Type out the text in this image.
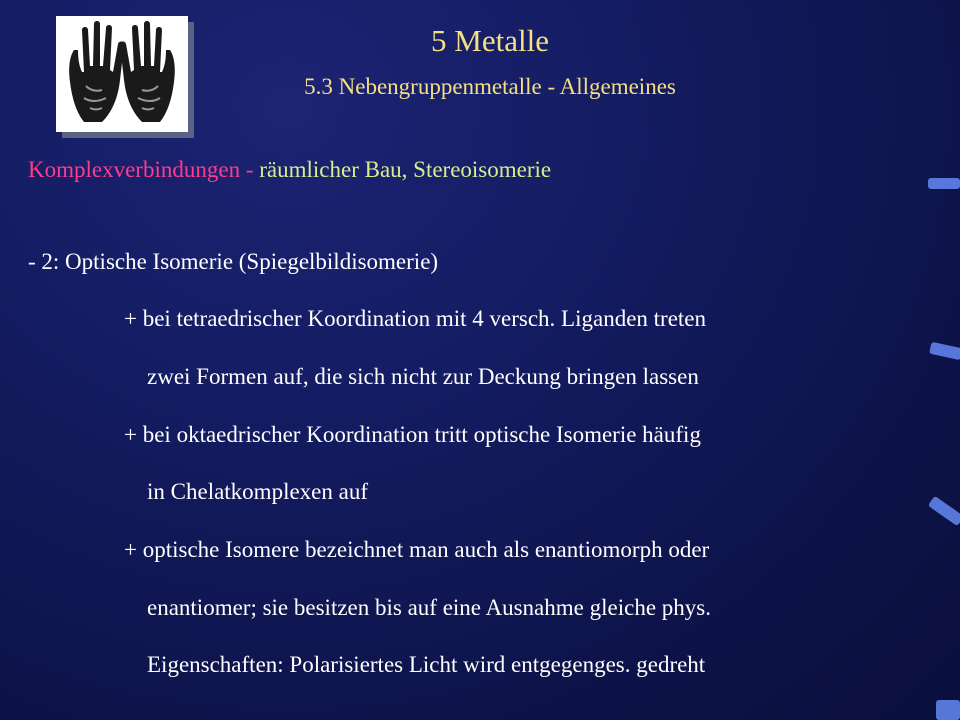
5 Metalle
5.3 Nebengruppenmetalle - Allgemeines
Komplexverbindungen - räumlicher Bau, Stereoisomerie
- 2: Optische Isomerie (Spiegelbildisomerie)
+ bei tetraedrischer Koordination mit 4 versch. Liganden treten
zwei Formen auf, die sich nicht zur Deckung bringen lassen
+ bei oktaedrischer Koordination tritt optische Isomerie häufig
in Chelatkomplexen auf
+ optische Isomere bezeichnet man auch als enantiomorph oder
enantiomer; sie besitzen bis auf eine Ausnahme gleiche phys.
Eigenschaften: Polarisiertes Licht wird entgegenges. gedreht
